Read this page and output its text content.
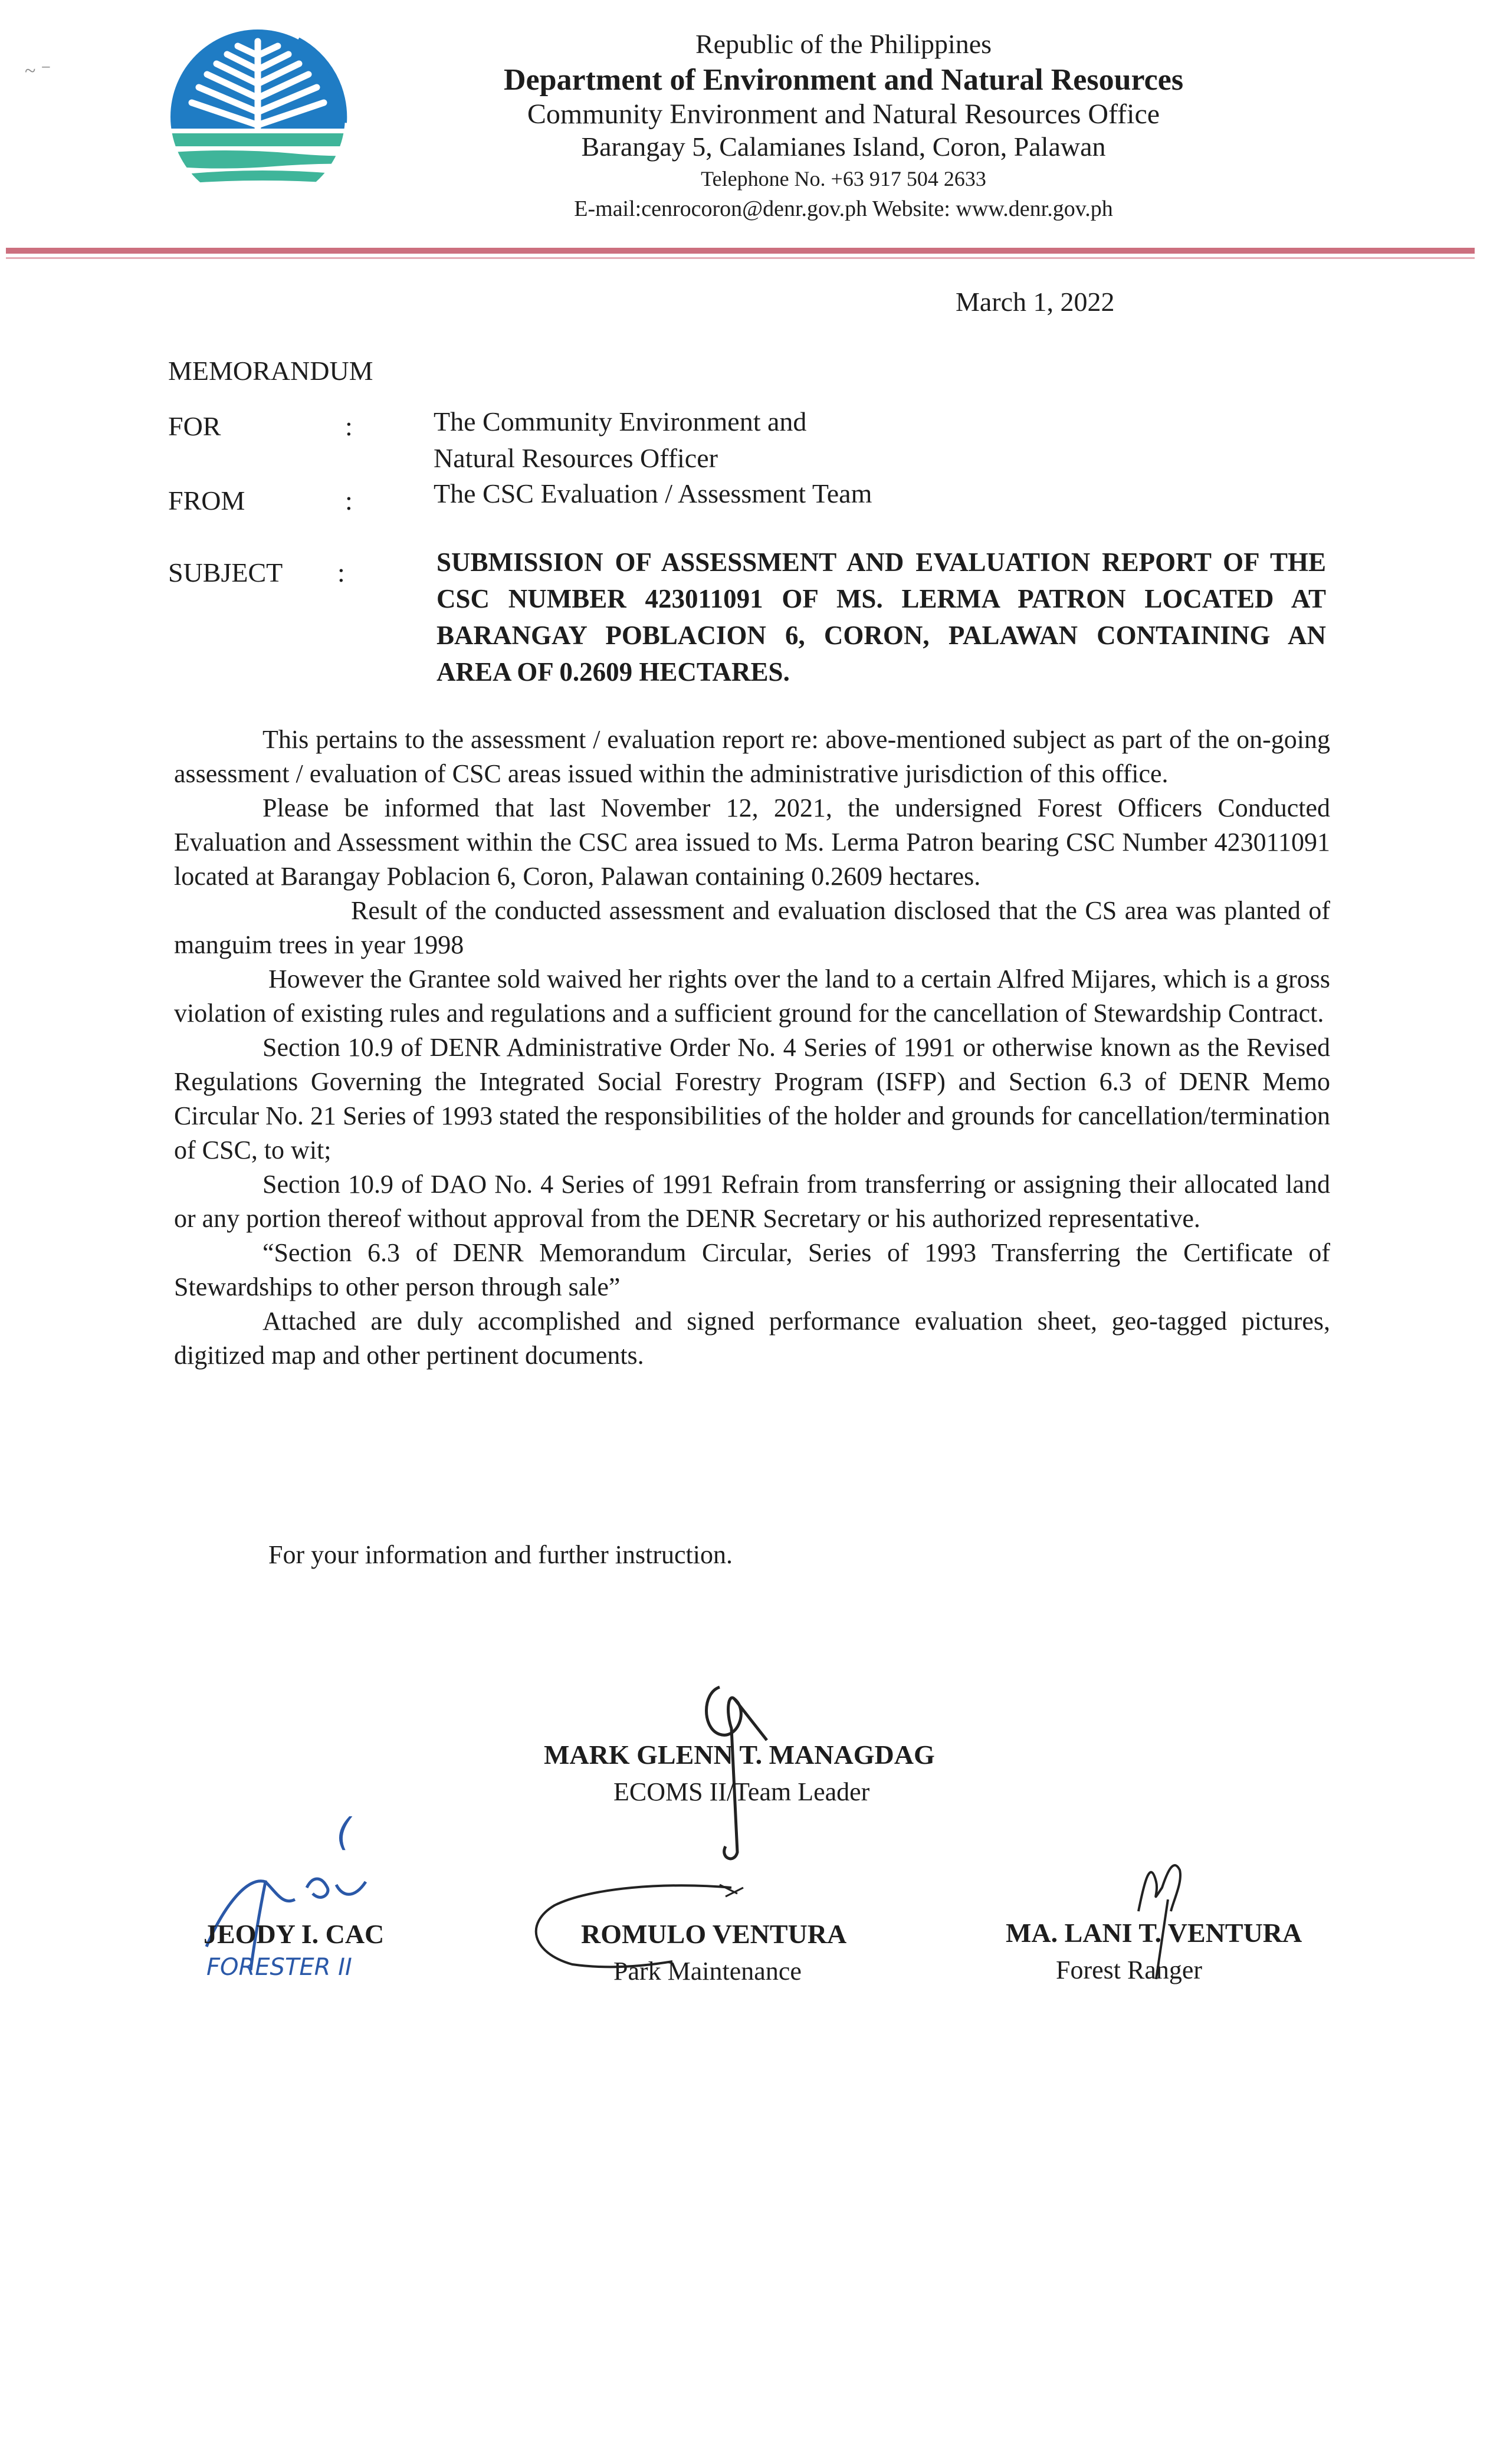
~ ⁻
Republic of the Philippines
Department of Environment and Natural Resources
Community Environment and Natural Resources Office
Barangay 5, Calamianes Island, Coron, Palawan
Telephone No. +63 917 504 2633
E-mail:cenrocoron@denr.gov.ph Website: www.denr.gov.ph
March 1, 2022
MEMORANDUM
FOR	:	The Community Environment and
Natural Resources Officer
FROM	:	The CSC Evaluation / Assessment Team
SUBJECT :	SUBMISSION OF ASSESSMENT AND EVALUATION REPORT OF THE CSC NUMBER 423011091 OF MS. LERMA PATRON LOCATED AT BARANGAY POBLACION 6, CORON, PALAWAN CONTAINING AN AREA OF 0.2609 HECTARES.

This pertains to the assessment / evaluation report re: above-mentioned subject as part of the on-going assessment / evaluation of CSC areas issued within the administrative jurisdiction of this office.

Please be informed that last November 12, 2021, the undersigned Forest Officers Conducted Evaluation and Assessment within the CSC area issued to Ms. Lerma Patron bearing CSC Number 423011091 located at Barangay Poblacion 6, Coron, Palawan containing 0.2609 hectares.

Result of the conducted assessment and evaluation disclosed that the CS area was planted of manguim trees in year 1998

However the Grantee sold waived her rights over the land to a certain Alfred Mijares, which is a gross violation of existing rules and regulations and a sufficient ground for the cancellation of Stewardship Contract.

Section 10.9 of DENR Administrative Order No. 4 Series of 1991 or otherwise known as the Revised Regulations Governing the Integrated Social Forestry Program (ISFP) and Section 6.3 of DENR Memo Circular No. 21 Series of 1993 stated the responsibilities of the holder and grounds for cancellation/termination of CSC, to wit;

Section 10.9 of DAO No. 4 Series of 1991 Refrain from transferring or assigning their allocated land or any portion thereof without approval from the DENR Secretary or his authorized representative.

“Section 6.3 of DENR Memorandum Circular, Series of 1993 Transferring the Certificate of Stewardships to other person through sale”

Attached are duly accomplished and signed performance evaluation sheet, geo-tagged pictures, digitized map and other pertinent documents.

For your information and further instruction.
MARK GLENN T. MANAGDAG
ECOMS II/Team Leader
(
JEODY I. CAC
FORESTER II
ROMULO VENTURA
Park Maintenance
MA. LANI T. VENTURA
Forest Ranger
